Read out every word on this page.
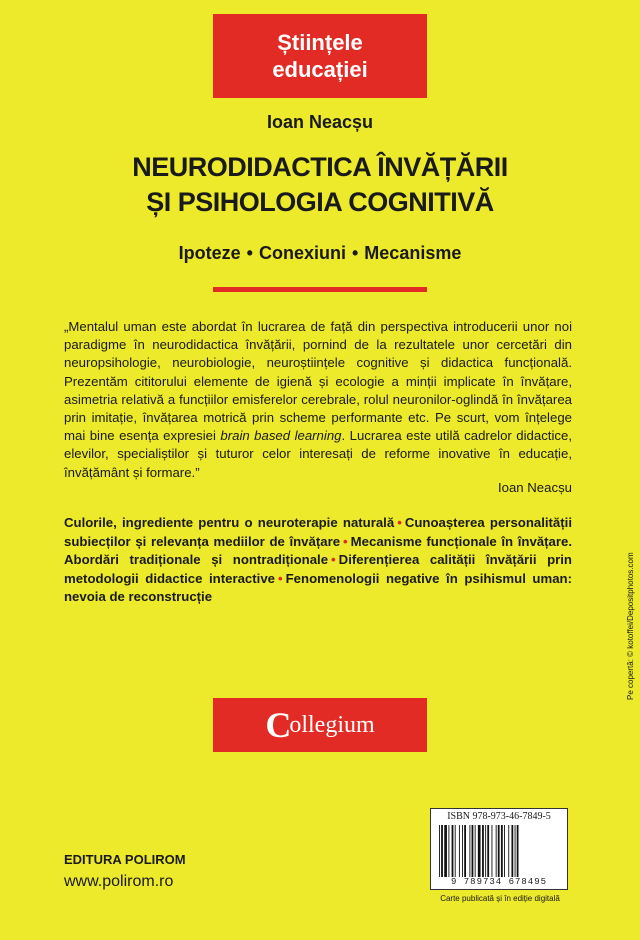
Științele
educației
Ioan Neacșu
NEURODIDACTICA ÎNVĂȚĂRII
ȘI PSIHOLOGIA COGNITIVĂ
Ipoteze • Conexiuni • Mecanisme

„Mentalul uman este abordat în lucrarea de față din perspectiva introducerii unor noi paradigme în neurodidactica învățării, pornind de la rezultatele unor cercetări din neuropsihologie, neurobiologie, neuroștiințele cognitive și didactica funcțională. Prezentăm cititorului elemente de igienă și ecologie a minții implicate în învățare, asimetria relativă a funcțiilor emisferelor cerebrale, rolul neuronilor-oglindă în învățarea prin imitație, învățarea motrică prin scheme performante etc. Pe scurt, vom înțelege mai bine esența expresiei brain based learning. Lucrarea este utilă cadrelor didactice, elevilor, specialiștilor și tuturor celor interesați de reforme inovative în educație, învățământ și formare.”

Ioan Neacșu
Culorile, ingrediente pentru o neuroterapie naturală • Cunoașterea personalității subiecților și relevanța mediilor de învățare • Mecanisme funcționale în învățare. Abordări tradiționale și nontradiționale • Diferențierea calității învățării prin metodologii didactice interactive • Fenomenologii negative în psihismul uman: nevoia de reconstrucție
C
ollegium
EDITURA POLIROM
www.polirom.ro
ISBN 978-973-46-7849-5
9 789734 678495
Carte publicată și în ediție digitală
Pe copertă: © kotoffei/Depositphotos.com
